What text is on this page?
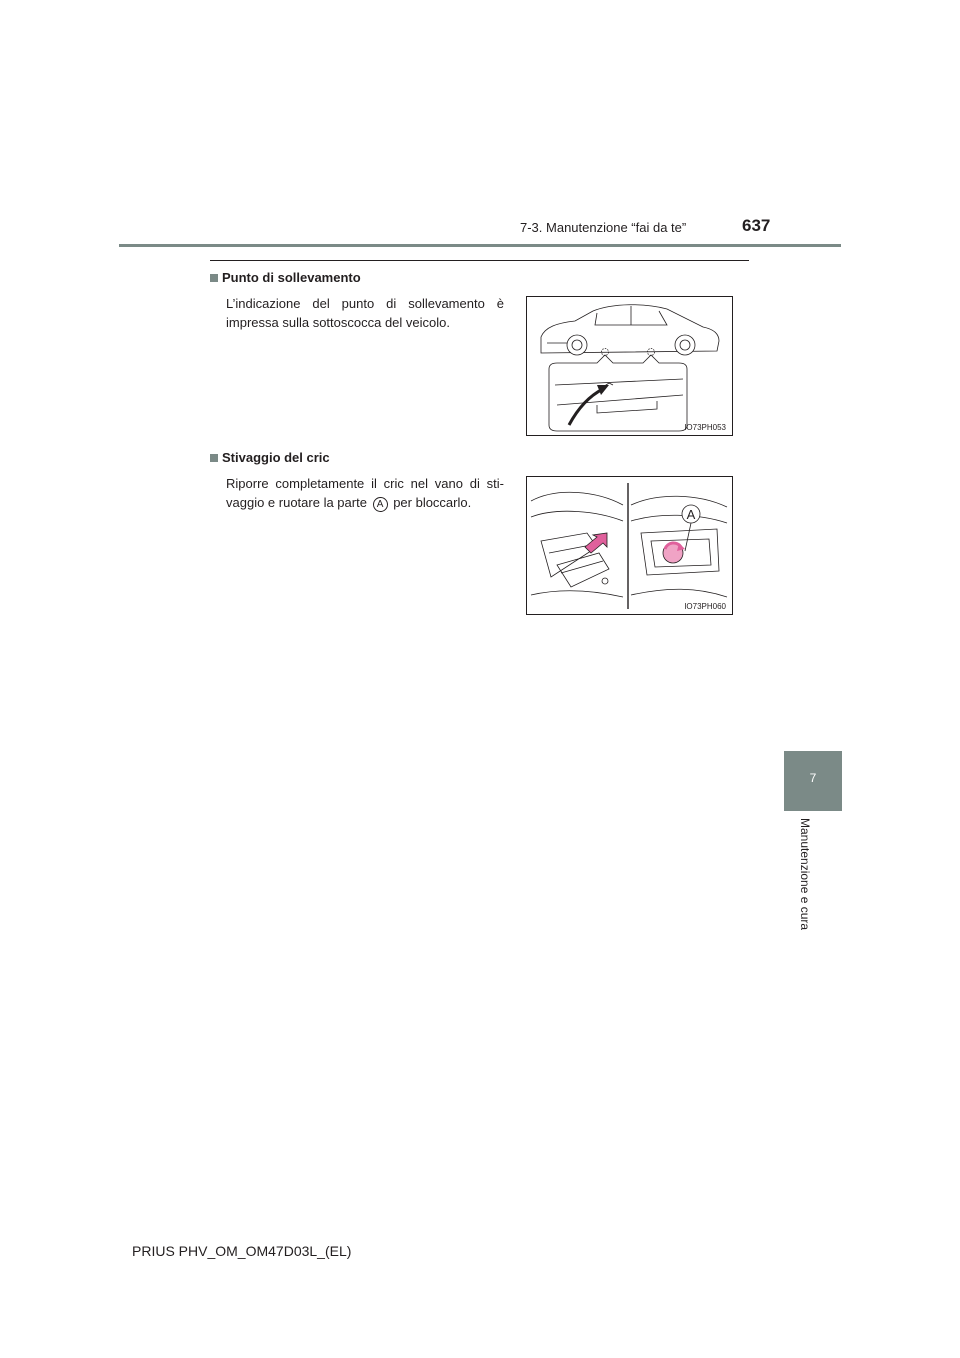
7-3. Manutenzione “fai da te”	637
7
Manutenzione e cura
Punto di sollevamento
L’indicazione del punto di sollevamento è impressa sulla sottoscocca del veicolo.
IO73PH053
Stivaggio del cric
Riporre completamente il cric nel vano di sti-vaggio e ruotare la parte A per bloccarlo.
A
IO73PH060
PRIUS PHV_OM_OM47D03L_(EL)
